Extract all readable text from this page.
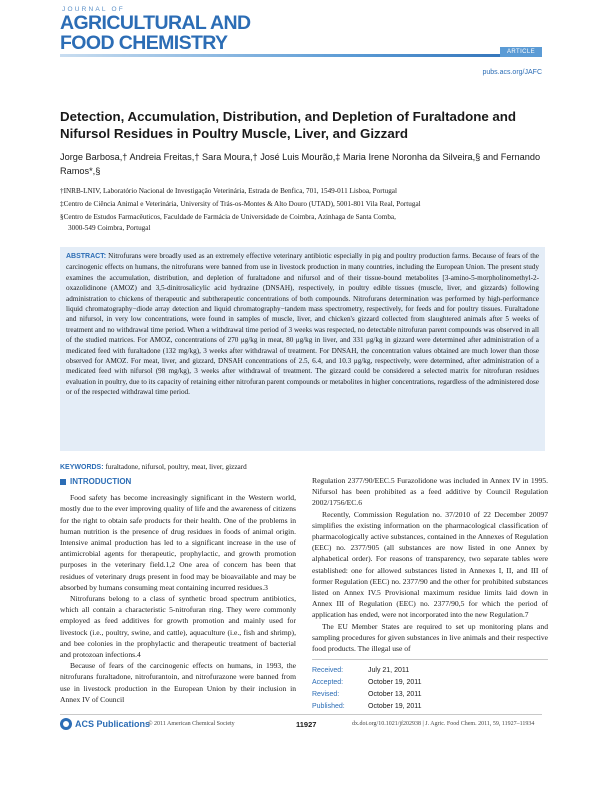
JOURNAL OF
AGRICULTURAL AND
FOOD CHEMISTRY	ARTICLE
pubs.acs.org/JAFC
Detection, Accumulation, Distribution, and Depletion of Furaltadone and Nifursol Residues in Poultry Muscle, Liver, and Gizzard
Jorge Barbosa,† Andreia Freitas,† Sara Moura,† José Luis Mourão,‡ Maria Irene Noronha da Silveira,§ and Fernando Ramos*,§
†INRB-LNIV, Laboratório Nacional de Investigação Veterinária, Estrada de Benfica, 701, 1549-011 Lisboa, Portugal
‡Centro de Ciência Animal e Veterinária, University of Trás-os-Montes & Alto Douro (UTAD), 5001-801 Vila Real, Portugal
§Centro de Estudos Farmacêuticos, Faculdade de Farmácia de Universidade de Coimbra, Azinhaga de Santa Comba,
3000-549 Coimbra, Portugal
ABSTRACT: Nitrofurans were broadly used as an extremely effective veterinary antibiotic especially in pig and poultry production farms. Because of fears of the carcinogenic effects on humans, the nitrofurans were banned from use in livestock production in many countries, including the European Union. The present study examines the accumulation, distribution, and depletion of furaltadone and nifursol and of their tissue-bound metabolites [3-amino-5-morpholinomethyl-2-oxazolidinone (AMOZ) and 3,5-dinitrosalicylic acid hydrazine (DNSAH), respectively, in poultry edible tissues (muscle, liver, and gizzards) following administration to chickens of therapeutic and subtherapeutic concentrations of both compounds. Nitrofurans determination was performed by high-performance liquid chromatography−diode array detection and liquid chromatography−tandem mass spectrometry, respectively, for feeds and for poultry tissues. Furaltadone and nifursol, in very low concentrations, were found in samples of muscle, liver, and chicken's gizzard collected from slaughtered animals after 5 weeks of treatment and no withdrawal time period. When a withdrawal time period of 3 weeks was respected, no detectable nitrofuran parent compounds was observed in all of the studied matrices. For AMOZ, concentrations of 270 μg/kg in meat, 80 μg/kg in liver, and 331 μg/kg in gizzard were determined after administration of a medicated feed with furaltadone (132 mg/kg), 3 weeks after withdrawal of treatment. For DNSAH, the concentration values obtained are much lower than those observed for AMOZ. For meat, liver, and gizzard, DNSAH concentrations of 2.5, 6.4, and 10.3 μg/kg, respectively, were determined, after administration of a medicated feed with nifursol (98 mg/kg), 3 weeks after withdrawal of treatment. The gizzard could be considered a selected matrix for nitrofuran residues evaluation in poultry, due to its capacity of retaining either nitrofuran parent compounds or metabolites in higher concentrations, regardless of the administered dose or of the respected withdrawal time period.
KEYWORDS: furaltadone, nifursol, poultry, meat, liver, gizzard
INTRODUCTION

Food safety has become increasingly significant in the Western world, mostly due to the ever improving quality of life and the awareness of citizens for the right to obtain safe products for their health. One of the problems in human nutrition is the presence of drug residues in foods of animal origin. Intensive animal production has led to a significant increase in the use of antimicrobial agents for therapeutic, prophylactic, and growth promotion purposes in the veterinary field.1,2 One area of concern has been that residues of veterinary drugs present in food may be bioavailable and may be absorbed by humans consuming meat containing incurred residues.3

Nitrofurans belong to a class of synthetic broad spectrum antibiotics, which all contain a characteristic 5-nitrofuran ring. They were commonly employed as feed additives for growth promotion and mainly used for livestock (i.e., poultry, swine, and cattle), aquaculture (i.e., fish and shrimp), and bee colonies in the prophylactic and therapeutic treatment of bacterial and protozoan infections.4

Because of fears of the carcinogenic effects on humans, in 1993, the nitrofurans furaltadone, nitrofurantoin, and nitrofurazone were banned from use in livestock production in the European Union by their inclusion in Annex IV of Council

Regulation 2377/90/EEC.5 Furazolidone was included in Annex IV in 1995. Nifursol has been prohibited as a feed additive by Council Regulation 2002/1756/EC.6

Recently, Commission Regulation no. 37/2010 of 22 December 20097 simplifies the existing information on the pharmacological classification of pharmacologically active substances, contained in the Annexes of Regulation (EEC) no. 2377/905 (all substances are now listed in one Annex by alphabetical order). For reasons of transparency, two separate tables were established: one for allowed substances listed in Annexes I, II, and III of former Regulation (EEC) no. 2377/90 and the other for prohibited substances listed on Annex IV.5 Provisional maximum residue limits laid down in Annex III of Regulation (EEC) no. 2377/90,5 for which the period of application has ended, were not incorporated into the new Regulation.7

The EU Member States are required to set up monitoring plans and sampling procedures for given substances in live animals and their respective food products. The illegal use of

Received:	July 21, 2011
Accepted:	October 19, 2011
Revised:	October 13, 2011
Published:	October 19, 2011
ACS Publications
© 2011 American Chemical Society	11927	dx.doi.org/10.1021/jf202938 | J. Agric. Food Chem. 2011, 59, 11927–11934
